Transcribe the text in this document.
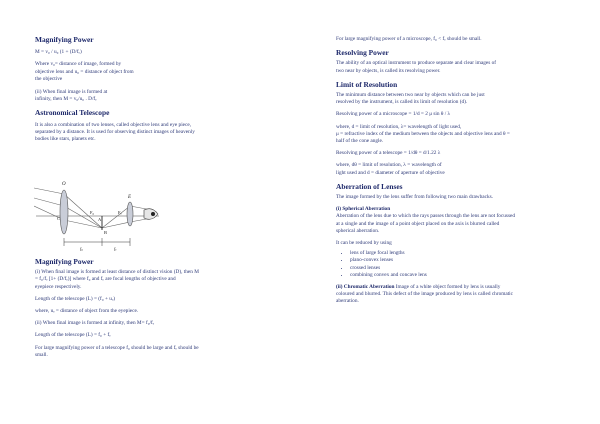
Magnifying Power

M = v₀ / u₀ (1 + (D/fₑ)

Where v₀= distance of image, formed by

objective lens and u₀ = distance of object from

the objective

(ii) When final image is formed at

infinity, then M = v₀/u₀ . D/fₑ

Astronomical Telescope

It is also a combination of two lenses, called objective lens and eye piece,

separated by a distance. It is used for observing distinct images of heavenly

bodies like stars, planets etc.

O
E
A
B
C
Fₑ
F₀
f₀	fₑ
Magnifying Power

(i) When final image is formed at least distance of distinct vision (D), then M

= f₀/fₑ [1+ (D/fₑ)] where f₀ and fₑ are focal lengths of objective and

eyepiece respectively.

Length of the telescope (L) = (f₀ + uₑ)

where, uₑ = distance of object from the eyepiece.

(ii) When final image is formed at infinity, then M= f₀/fₑ

Length of the telescope (L) = f₀ + fₑ

For large magnifying power of a telescope f₀ should be large and fₑ should be

small.

For large magnifying power of a microscope, f₀ < fₑ should be small.

Resolving Power

The ability of an optical instrument to produce separate and clear images of

two near by objects, is called its resolving power.

Limit of Resolution

The minimum distance between two near by objects which can be just

resolved by the instrument, is called its limit of resolution (d).

Resolving power of a microscope = 1/d = 2 μ sin θ / λ

where, d = limit of resolution, λ= wavelength of light used,

μ = refractive index of the medium between the objects and objective lens and θ =

half of the cone angle.

Resolving power of a telescope = 1/dθ = d/1.22 λ

where, dθ = limit of resolution, λ = wavelength of

light used and d = diameter of aperture of objective

Aberration of Lenses

The image formed by the lens suffer from following two main drawbacks.

(i) Spherical Aberration

Aberration of the lens due to which the rays passes through the lens are not focussed

at a single and the image of a point object placed on the axis is blurred called

spherical aberration.

It can be reduced by using

• lens of large focal lengths
• plano-convex lenses
• crossed lenses
• combining convex and concave lens

(ii) Chromatic Aberration Image of a white object formed by lens is usually

coloured and blurred. This defect of the image produced by lens is called chromatic

aberration.
